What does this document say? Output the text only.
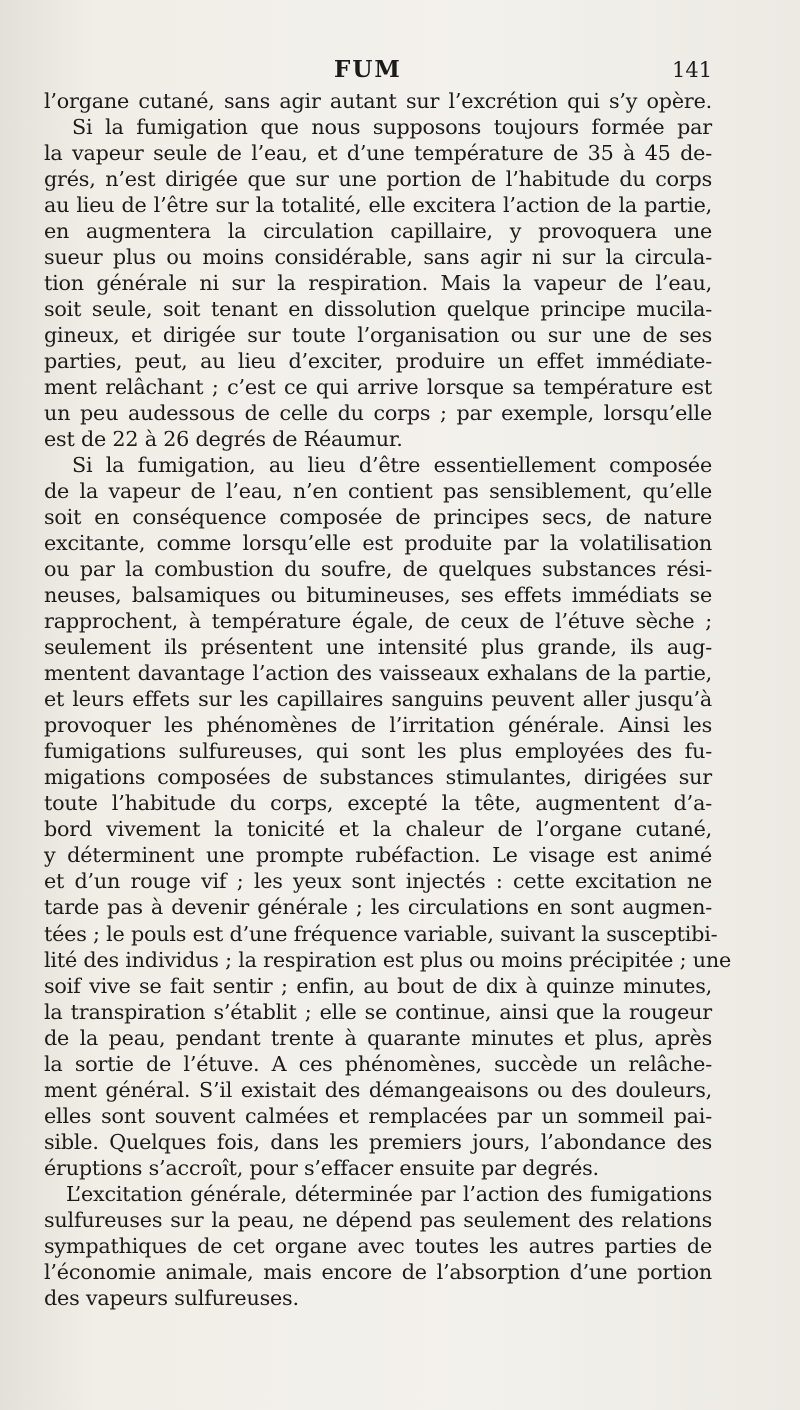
FUM	141
l’organe cutané, sans agir autant sur l’excrétion qui s’y opère.
Si la fumigation que nous supposons toujours formée par
la vapeur seule de l’eau, et d’une température de 35 à 45 de-
grés, n’est dirigée que sur une portion de l’habitude du corps
au lieu de l’être sur la totalité, elle excitera l’action de la partie,
en augmentera la circulation capillaire, y provoquera une
sueur plus ou moins considérable, sans agir ni sur la circula-
tion générale ni sur la respiration. Mais la vapeur de l’eau,
soit seule, soit tenant en dissolution quelque principe mucila-
gineux, et dirigée sur toute l’organisation ou sur une de ses
parties, peut, au lieu d’exciter, produire un effet immédiate-
ment relâchant ; c’est ce qui arrive lorsque sa température est
un peu audessous de celle du corps ; par exemple, lorsqu’elle
est de 22 à 26 degrés de Réaumur.
Si la fumigation, au lieu d’être essentiellement composée
de la vapeur de l’eau, n’en contient pas sensiblement, qu’elle
soit en conséquence composée de principes secs, de nature
excitante, comme lorsqu’elle est produite par la volatilisation
ou par la combustion du soufre, de quelques substances rési-
neuses, balsamiques ou bitumineuses, ses effets immédiats se
rapprochent, à température égale, de ceux de l’étuve sèche ;
seulement ils présentent une intensité plus grande, ils aug-
mentent davantage l’action des vaisseaux exhalans de la partie,
et leurs effets sur les capillaires sanguins peuvent aller jusqu’à
provoquer les phénomènes de l’irritation générale. Ainsi les
fumigations sulfureuses, qui sont les plus employées des fu-
migations composées de substances stimulantes, dirigées sur
toute l’habitude du corps, excepté la tête, augmentent d’a-
bord vivement la tonicité et la chaleur de l’organe cutané,
y déterminent une prompte rubéfaction. Le visage est animé
et d’un rouge vif ; les yeux sont injectés : cette excitation ne
tarde pas à devenir générale ; les circulations en sont augmen-
tées ; le pouls est d’une fréquence variable, suivant la susceptibi-
lité des individus ; la respiration est plus ou moins précipitée ; une
soif vive se fait sentir ; enfin, au bout de dix à quinze minutes,
la transpiration s’établit ; elle se continue, ainsi que la rougeur
de la peau, pendant trente à quarante minutes et plus, après
la sortie de l’étuve. A ces phénomènes, succède un relâche-
ment général. S’il existait des démangeaisons ou des douleurs,
elles sont souvent calmées et remplacées par un sommeil pai-
sible. Quelques fois, dans les premiers jours, l’abondance des
éruptions s’accroît, pour s’effacer ensuite par degrés.
L’excitation générale, déterminée par l’action des fumigations
sulfureuses sur la peau, ne dépend pas seulement des relations
sympathiques de cet organe avec toutes les autres parties de
l’économie animale, mais encore de l’absorption d’une portion
des vapeurs sulfureuses.
